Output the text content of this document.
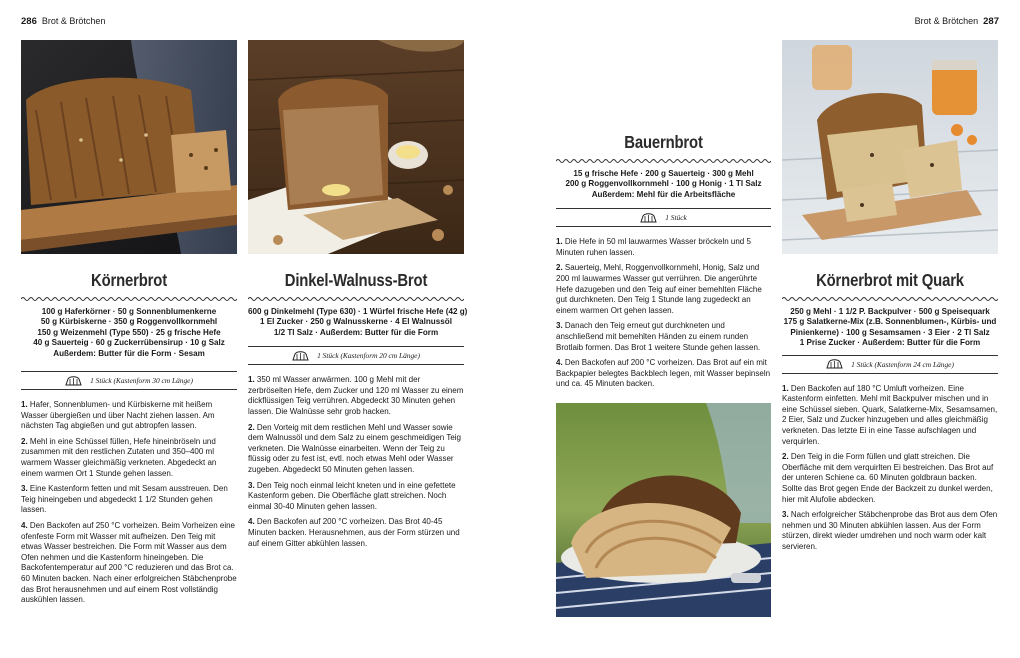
286 Brot & Brötchen	Brot & Brötchen 287
Körnerbrot
100 g Haferkörner · 50 g Sonnenblumenkerne
50 g Kürbiskerne · 350 g Roggenvollkornmehl
150 g Weizenmehl (Type 550) · 25 g frische Hefe
40 g Sauerteig · 60 g Zuckerrübensirup · 10 g Salz
Außerdem: Butter für die Form · Sesam
1 Stück (Kastenform 30 cm Länge)

1. Hafer, Sonnenblumen- und Kürbiskerne mit heißem Wasser übergießen und über Nacht ziehen lassen. Am nächsten Tag abgießen und gut abtropfen lassen.

2. Mehl in eine Schüssel füllen, Hefe hineinbröseln und zusammen mit den restlichen Zutaten und 350–400 ml warmem Wasser gleichmäßig verkneten. Abgedeckt an einem warmen Ort 1 Stunde gehen lassen.

3. Eine Kastenform fetten und mit Sesam ausstreuen. Den Teig hineingeben und abgedeckt 1 1/2 Stunden gehen lassen.

4. Den Backofen auf 250 °C vorheizen. Beim Vorheizen eine ofenfeste Form mit Wasser mit aufheizen. Den Teig mit etwas Wasser bestreichen. Die Form mit Wasser aus dem Ofen nehmen und die Kastenform hineingeben. Die Backofentemperatur auf 200 °C reduzieren und das Brot ca. 60 Minuten backen. Nach einer erfolgreichen Stäbchenprobe das Brot herausnehmen und auf einem Rost vollständig auskühlen lassen.

Dinkel-Walnuss-Brot
600 g Dinkelmehl (Type 630) · 1 Würfel frische Hefe (42 g)
1 El Zucker · 250 g Walnusskerne · 4 El Walnussöl
1/2 Tl Salz · Außerdem: Butter für die Form
1 Stück (Kastenform 20 cm Länge)

1. 350 ml Wasser anwärmen. 100 g Mehl mit der zerbröselten Hefe, dem Zucker und 120 ml Wasser zu einem dickflüssigen Teig verrühren. Abgedeckt 30 Minuten gehen lassen. Die Walnüsse sehr grob hacken.

2. Den Vorteig mit dem restlichen Mehl und Wasser sowie dem Walnussöl und dem Salz zu einem geschmeidigen Teig verkneten. Die Walnüsse einarbeiten. Wenn der Teig zu flüssig oder zu fest ist, evtl. noch etwas Mehl oder Wasser zugeben. Abgedeckt 50 Minuten gehen lassen.

3. Den Teig noch einmal leicht kneten und in eine gefettete Kastenform geben. Die Oberfläche glatt streichen. Noch einmal 30-40 Minuten gehen lassen.

4. Den Backofen auf 200 °C vorheizen. Das Brot 40-45 Minuten backen. Herausnehmen, aus der Form stürzen und auf einem Gitter abkühlen lassen.

Bauernbrot
15 g frische Hefe · 200 g Sauerteig · 300 g Mehl
200 g Roggenvollkornmehl · 100 g Honig · 1 Tl Salz
Außerdem: Mehl für die Arbeitsfläche
1 Stück

1. Die Hefe in 50 ml lauwarmes Wasser bröckeln und 5 Minuten ruhen lassen.

2. Sauerteig, Mehl, Roggenvollkornmehl, Honig, Salz und 200 ml lauwarmes Wasser gut verrühren. Die angerührte Hefe dazugeben und den Teig auf einer bemehlten Fläche gut durchkneten. Den Teig 1 Stunde lang zugedeckt an einem warmen Ort gehen lassen.

3. Danach den Teig erneut gut durchkneten und anschließend mit bemehlten Händen zu einem runden Brotlaib formen. Das Brot 1 weitere Stunde gehen lassen.

4. Den Backofen auf 200 °C vorheizen. Das Brot auf ein mit Backpapier belegtes Backblech legen, mit Wasser bepinseln und ca. 45 Minuten backen.

Körnerbrot mit Quark
250 g Mehl · 1 1/2 P. Backpulver · 500 g Speisequark
175 g Salatkerne-Mix (z.B. Sonnenblumen-, Kürbis- und
Pinienkerne) · 100 g Sesamsamen · 3 Eier · 2 Tl Salz
1 Prise Zucker · Außerdem: Butter für die Form
1 Stück (Kastenform 24 cm Länge)

1. Den Backofen auf 180 °C Umluft vorheizen. Eine Kastenform einfetten. Mehl mit Backpulver mischen und in eine Schüssel sieben. Quark, Salatkerne-Mix, Sesamsamen, 2 Eier, Salz und Zucker hinzugeben und alles gleichmäßig verkneten. Das letzte Ei in eine Tasse aufschlagen und verquirlen.

2. Den Teig in die Form füllen und glatt streichen. Die Oberfläche mit dem verquirlten Ei bestreichen. Das Brot auf der unteren Schiene ca. 60 Minuten goldbraun backen. Sollte das Brot gegen Ende der Backzeit zu dunkel werden, hier mit Alufolie abdecken.

3. Nach erfolgreicher Stäbchenprobe das Brot aus dem Ofen nehmen und 30 Minuten abkühlen lassen. Aus der Form stürzen, direkt wieder umdrehen und noch warm oder kalt servieren.
